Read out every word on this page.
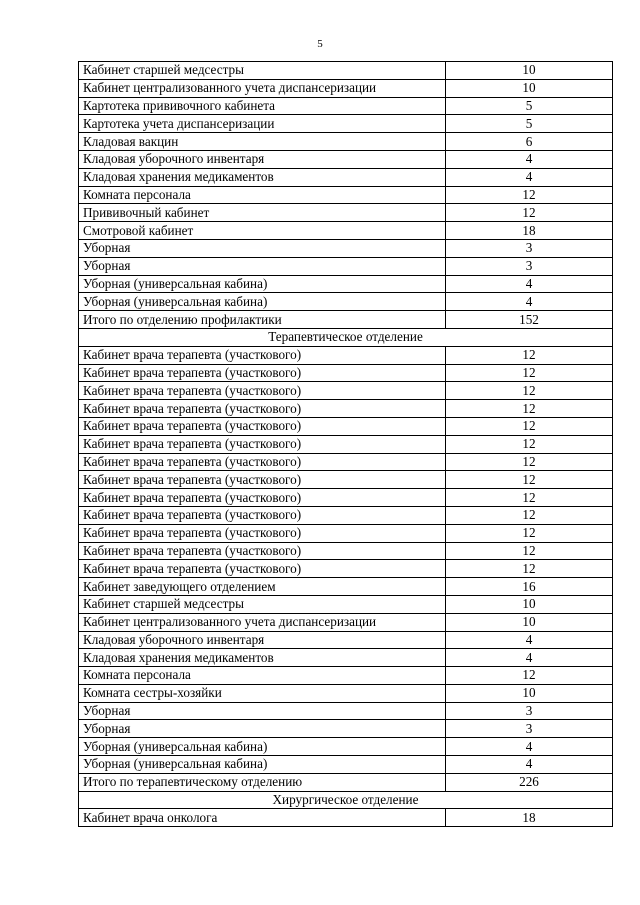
5
Кабинет старшей медсестры	10
Кабинет централизованного учета диспансеризации	10
Картотека прививочного кабинета	5
Картотека учета диспансеризации	5
Кладовая вакцин	6
Кладовая уборочного инвентаря	4
Кладовая хранения медикаментов	4
Комната персонала	12
Прививочный кабинет	12
Смотровой кабинет	18
Уборная	3
Уборная	3
Уборная (универсальная кабина)	4
Уборная (универсальная кабина)	4
Итого по отделению профилактики	152
Терапевтическое отделение	
Кабинет врача терапевта (участкового)	12
Кабинет врача терапевта (участкового)	12
Кабинет врача терапевта (участкового)	12
Кабинет врача терапевта (участкового)	12
Кабинет врача терапевта (участкового)	12
Кабинет врача терапевта (участкового)	12
Кабинет врача терапевта (участкового)	12
Кабинет врача терапевта (участкового)	12
Кабинет врача терапевта (участкового)	12
Кабинет врача терапевта (участкового)	12
Кабинет врача терапевта (участкового)	12
Кабинет врача терапевта (участкового)	12
Кабинет врача терапевта (участкового)	12
Кабинет заведующего отделением	16
Кабинет старшей медсестры	10
Кабинет централизованного учета диспансеризации	10
Кладовая уборочного инвентаря	4
Кладовая хранения медикаментов	4
Комната персонала	12
Комната сестры-хозяйки	10
Уборная	3
Уборная	3
Уборная (универсальная кабина)	4
Уборная (универсальная кабина)	4
Итого по терапевтическому отделению	226
Хирургическое отделение	
Кабинет врача онколога	18
